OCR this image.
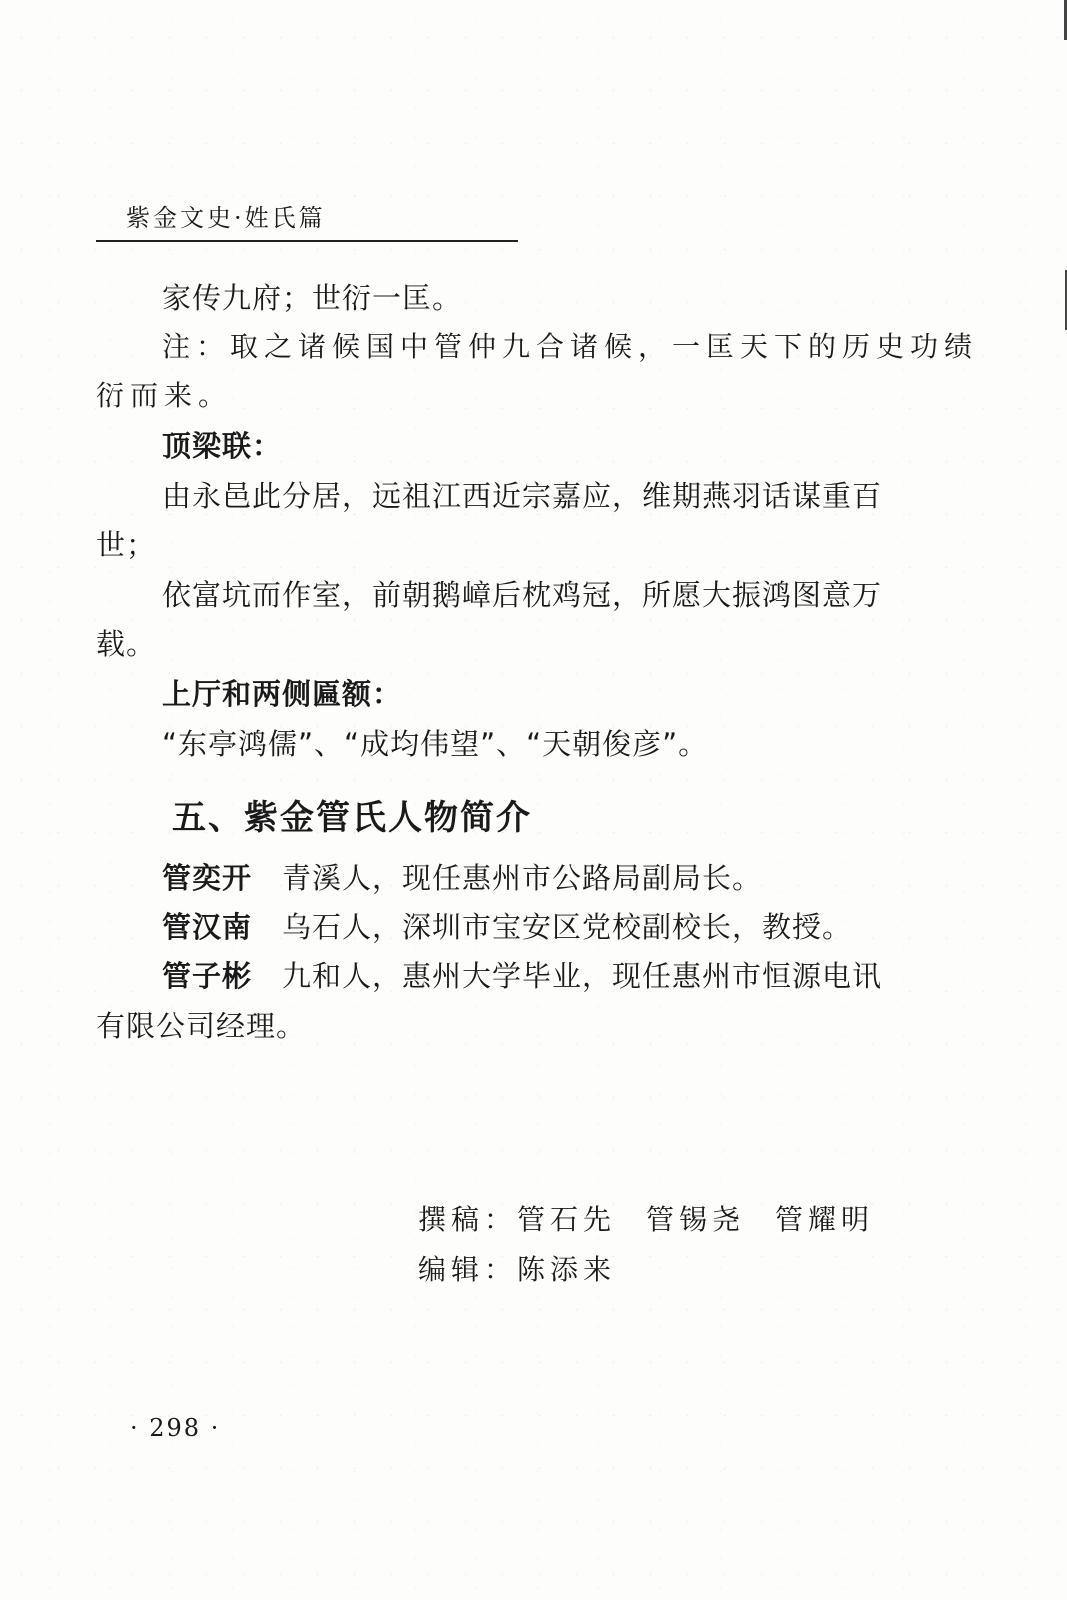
紫金文史·姓氏篇
家传九府；世衍一匡。
注：取之诸候国中管仲九合诸候，一匡天下的历史功绩
衍而来。
顶梁联：
由永邑此分居，远祖江西近宗嘉应，维期燕羽话谋重百
世；
依富坑而作室，前朝鹅嶂后枕鸡冠，所愿大振鸿图意万
载。
上厅和两侧匾额：
“东亭鸿儒”、“成均伟望”、“天朝俊彦”。
五、紫金管氏人物简介
管奕开 青溪人，现任惠州市公路局副局长。
管汉南 乌石人，深圳市宝安区党校副校长，教授。
管子彬 九和人，惠州大学毕业，现任惠州市恒源电讯
有限公司经理。
撰稿：管石先 管锡尧 管耀明
编辑：陈添来
· 298 ·
